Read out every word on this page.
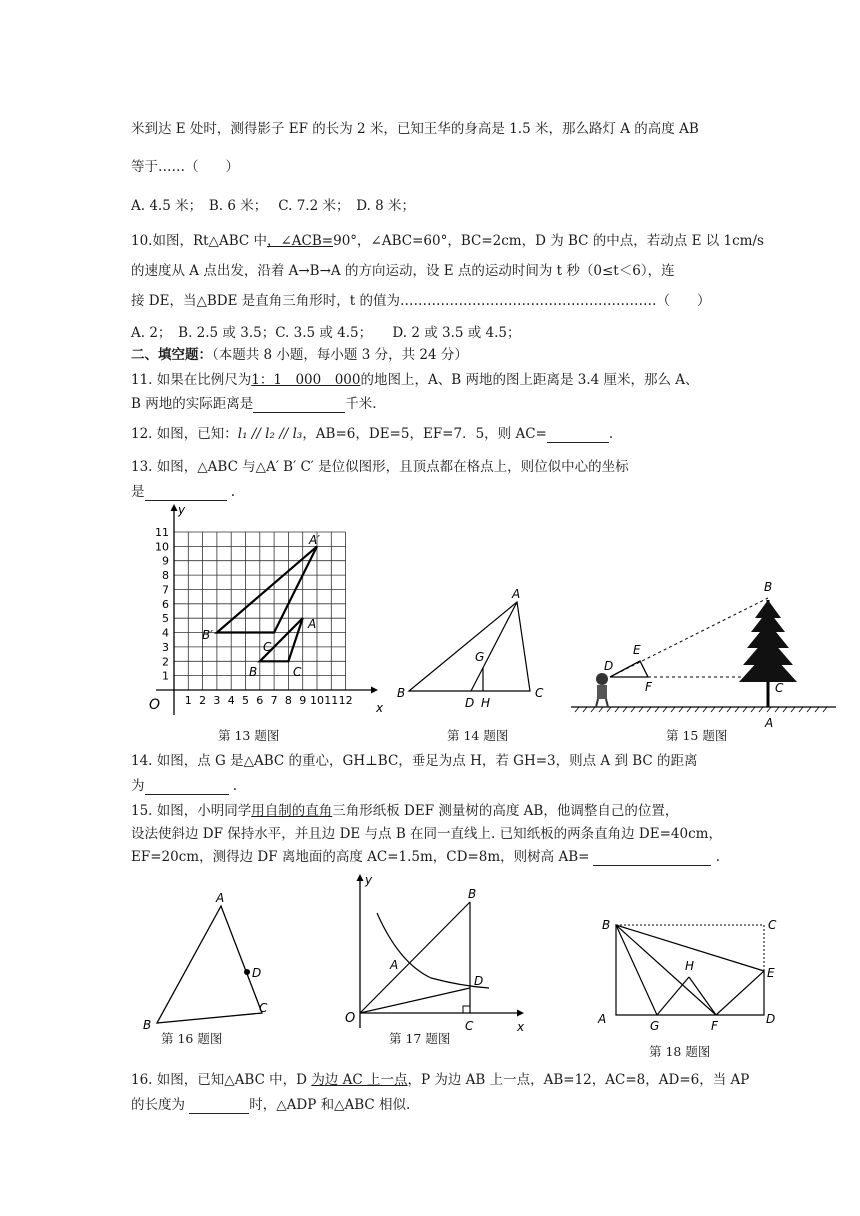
米到达 E 处时，测得影子 EF 的长为 2 米，已知王华的身高是 1.5 米，那么路灯 A 的高度 AB
等于……（　　）
A. 4.5 米；　B. 6 米；　 C. 7.2 米；　D. 8 米；
10.如图，Rt△ABC 中，∠ACB=90°，∠ABC=60°，BC=2cm，D 为 BC 的中点，若动点 E 以 1cm/s
的速度从 A 点出发，沿着 A→B→A 的方向运动，设 E 点的运动时间为 t 秒（0≤t＜6），连
接 DE，当△BDE 是直角三角形时，t 的值为…………………………………………………（　　）
A. 2；　B. 2.5 或 3.5；C. 3.5 或 4.5；　　D. 2 或 3.5 或 4.5；
二、填空题：（本题共 8 小题，每小题 3 分，共 24 分）
11. 如果在比例尺为1：1　000　000的地图上，A、B 两地的图上距离是 3.4 厘米，那么 A、
B 两地的实际距离是	千米.
12. 如图，已知：l₁ // l₂ // l₃，AB=6，DE=5，EF=7．5，则 AC=	.
13. 如图，△ABC 与△A′ B′ C′ 是位似图形，且顶点都在格点上，则位似中心的坐标
是	.
y
x
O 1 2 3 4 5 6 7 8 9 10 11 12
1
2
3
4
5
6
7
8
9
10
11
A′
B′
C
A
B	C
A
B	C
G
D H
B
E
D
F	C
A
第 13 题图	第 14 题图	第 15 题图
14. 如图，点 G 是△ABC 的重心，GH⊥BC，垂足为点 H，若 GH=3，则点 A 到 BC 的距离
为	.
15. 如图，小明同学用自制的直角三角形纸板 DEF 测量树的高度 AB，他调整自己的位置，
设法使斜边 DF 保持水平，并且边 DE 与点 B 在同一直线上. 已知纸板的两条直角边 DE=40cm，
EF=20cm，测得边 DF 离地面的高度 AC=1.5m，CD=8m，则树高 AB=	.
A
B
C
D
y
x
O
A
B
D
C
B	C
H	E
A	G	F	D
第 16 题图	第 17 题图
第 18 题图
16. 如图，已知△ABC 中，D 为边 AC 上一点，P 为边 AB 上一点，AB=12，AC=8，AD=6，当 AP
的长度为	时，△ADP 和△ABC 相似.
